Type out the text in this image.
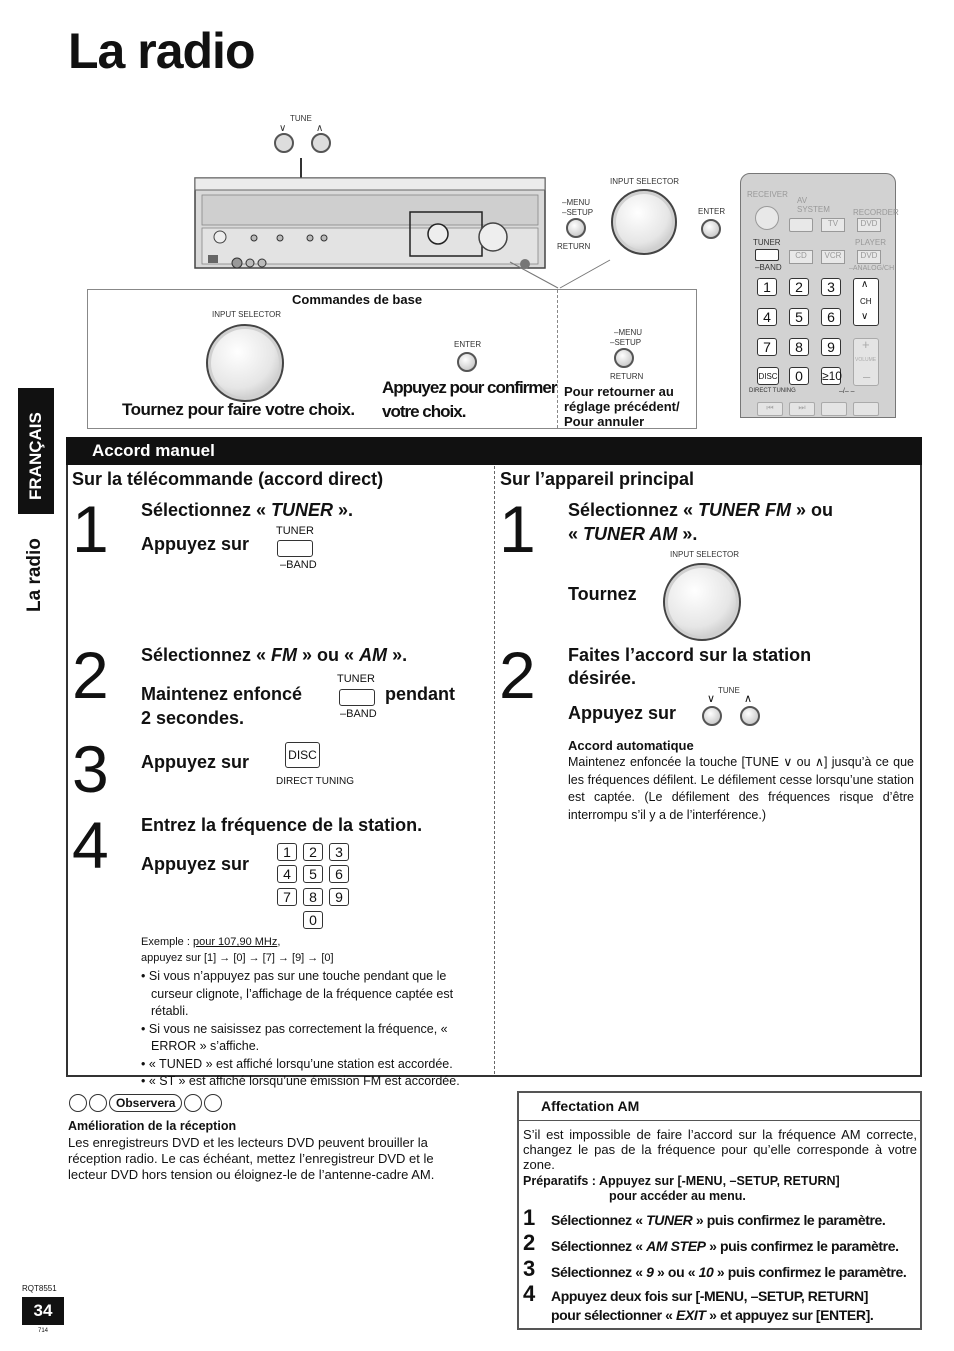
La radio
FRANÇAIS
La radio
TUNE
∨	∧
INPUT SELECTOR
–MENU
–SETUP
RETURN
ENTER
RECEIVER
AV SYSTEM	RECORDER
TV	DVD
PLAYER
TUNER
–BAND
CD	VCR	DVD
–ANALOG/CH
1	2	3
4	5	6
7	8	9
0	≥10
DISC
DIRECT TUNING	–/– –
∧
CH
∨
+
VOLUME
–
⏮	⏭
Commandes de base
INPUT SELECTOR
Tournez pour faire votre choix.
ENTER
Appuyez pour confirmer votre choix.
–MENU
–SETUP
RETURN
Pour retourner au réglage précédent/ Pour annuler
Accord manuel
Sur la télécommande (accord direct)	Sur l’appareil principal
1 Sélectionnez « TUNER ».
Appuyez sur
TUNER
–BAND
2 Sélectionnez « FM » ou « AM ».
Maintenez enfoncé
TUNER
–BAND
pendant
2 secondes.
3 Appuyez sur	DISC
DIRECT TUNING
4 Entrez la fréquence de la station.
Appuyez sur
1	2	3
4	5	6
7	8	9
0
Exemple : pour 107,90 MHz,
appuyez sur [1] → [0] → [7] → [9] → [0]
• Si vous n’appuyez pas sur une touche pendant que le curseur clignote, l’affichage de la fréquence captée est rétabli.
• Si vous ne saisissez pas correctement la fréquence, « ERROR » s’affiche.
• « TUNED » est affiché lorsqu’une station est accordée.
• « ST » est affiché lorsqu’une émission FM est accordée.
1 Sélectionnez « TUNER FM » ou
« TUNER AM ».
INPUT SELECTOR
Tournez
2 Faites l’accord sur la station
désirée.
TUNE
∨	∧
Appuyez sur
Accord automatique
Maintenez enfoncée la touche [TUNE ∨ ou ∧] jusqu’à ce que les fréquences défilent. Le défilement cesse lorsqu’une station est captée. (Le défilement des fréquences risque d’être interrompu s’il y a de l’interférence.)
Observera
Amélioration de la réception
Les enregistreurs DVD et les lecteurs DVD peuvent brouiller la réception radio. Le cas échéant, mettez l’enregistreur DVD et le lecteur DVD hors tension ou éloignez-le de l’antenne-cadre AM.
Affectation AM
S’il est impossible de faire l’accord sur la fréquence AM correcte, changez le pas de la fréquence pour qu’elle corresponde à votre zone.
Préparatifs : Appuyez sur [-MENU, –SETUP, RETURN]
pour accéder au menu.
1 Sélectionnez « TUNER » puis confirmez le paramètre.
2 Sélectionnez « AM STEP » puis confirmez le paramètre.
3 Sélectionnez « 9 » ou « 10 » puis confirmez le paramètre.
4 Appuyez deux fois sur [-MENU, –SETUP, RETURN]
pour sélectionner « EXIT » et appuyez sur [ENTER].
RQT8551
34
714
